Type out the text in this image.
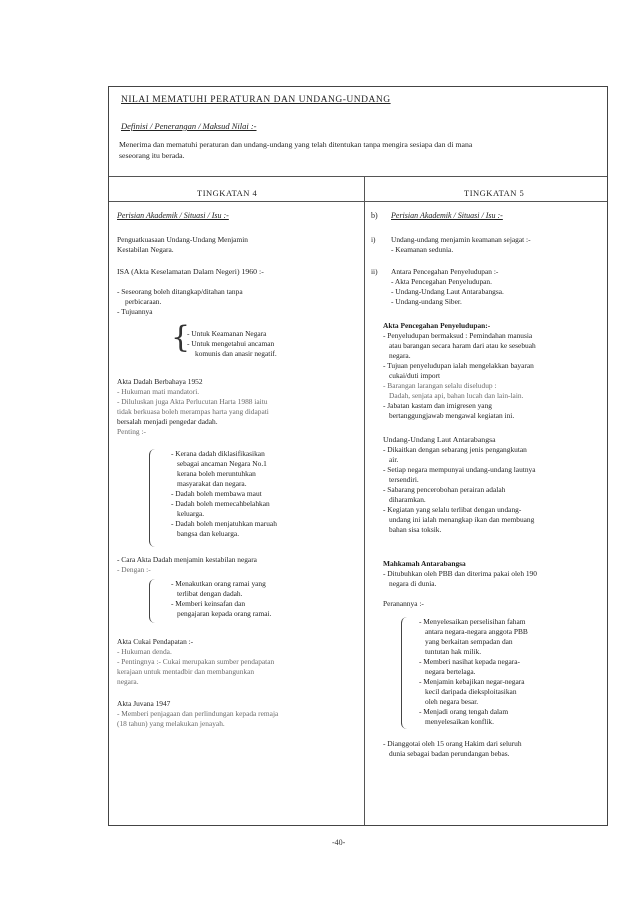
NILAI MEMATUHI PERATURAN DAN UNDANG-UNDANG
Definisi / Penerangan / Maksud Nilai :-
Menerima dan mematuhi peraturan dan undang-undang yang telah ditentukan tanpa mengira sesiapa dan di mana
seseorang itu berada.
TINGKATAN 4
Perisian Akademik / Situasi / Isu :-
Penguatkuasaan Undang-Undang Menjamin
Kestabilan Negara.
ISA (Akta Keselamatan Dalam Negeri) 1960 :-
- Seseorang boleh ditangkap/ditahan tanpa
perbicaraan.
- Tujuannya
{
- Untuk Keamanan Negara
- Untuk mengetahui ancaman
komunis dan anasir negatif.
Akta Dadah Berbahaya 1952
- Hukuman mati mandatori.
- Diluluskan juga Akta Perlucutan Harta 1988 iaitu
tidak berkuasa boleh merampas harta yang didapati
bersalah menjadi pengedar dadah.
Penting :-
- Kerana dadah diklasifikasikan
sebagai ancaman Negara No.1
kerana boleh meruntuhkan
masyarakat dan negara.
- Dadah boleh membawa maut
- Dadah boleh memecahbelahkan
keluarga.
- Dadah boleh menjatuhkan maruah
bangsa dan keluarga.
- Cara Akta Dadah menjamin kestabilan negara
- Dengan :-
- Menakutkan orang ramai yang
terlibat dengan dadah.
- Memberi keinsafan dan
pengajaran kepada orang ramai.
Akta Cukai Pendapatan :-
- Hukuman denda.
- Pentingnya :- Cukai merupakan sumber pendapatan
kerajaan untuk mentadbir dan membangunkan
negara.
Akta Juvana 1947
- Memberi penjagaan dan perlindungan kepada remaja
(18 tahun) yang melakukan jenayah.
TINGKATAN 5
b) Perisian Akademik / Situasi / Isu :-
i) Undang-undang menjamin keamanan sejagat :-
- Keamanan sedunia.
ii) Antara Pencegahan Penyeludupan :-
- Akta Pencegahan Penyeludupan.
- Undang-Undang Laut Antarabangsa.
- Undang-undang Siber.
Akta Pencegahan Penyeludupan:-
- Penyeludupan bermaksud : Pemindahan manusia
atau barangan secara haram dari atau ke sesebuah
negara.
- Tujuan penyeludupan ialah mengelakkan bayaran
cukai/duti import
- Barangan larangan selalu diseludup :
Dadah, senjata api, bahan lucah dan lain-lain.
- Jabatan kastam dan imigresen yang
bertanggungjawab mengawal kegiatan ini.
Undang-Undang Laut Antarabangsa
- Dikaitkan dengan sebarang jenis pengangkutan
air.
- Setiap negara mempunyai undang-undang lautnya
tersendiri.
- Sabarang pencerobohan perairan adalah
diharamkan.
- Kegiatan yang selalu terlibat dengan undang-
undang ini ialah menangkap ikan dan membuang
bahan sisa toksik.
Mahkamah Antarabangsa
- Ditubuhkan oleh PBB dan diterima pakai oleh 190
negara di dunia.
Peranannya :-
- Menyelesaikan perselisihan faham
antara negara-negara anggota PBB
yang berkaitan sempadan dan
tuntutan hak milik.
- Memberi nasihat kepada negara-
negara bertelaga.
- Menjamin kebajikan negar-negara
kecil daripada dieksploitasikan
oleh negara besar.
- Menjadi orang tengah dalam
menyelesaikan konflik.
- Dianggotai oleh 15 orang Hakim dari seluruh
dunia sebagai badan perundangan bebas.
-40-
